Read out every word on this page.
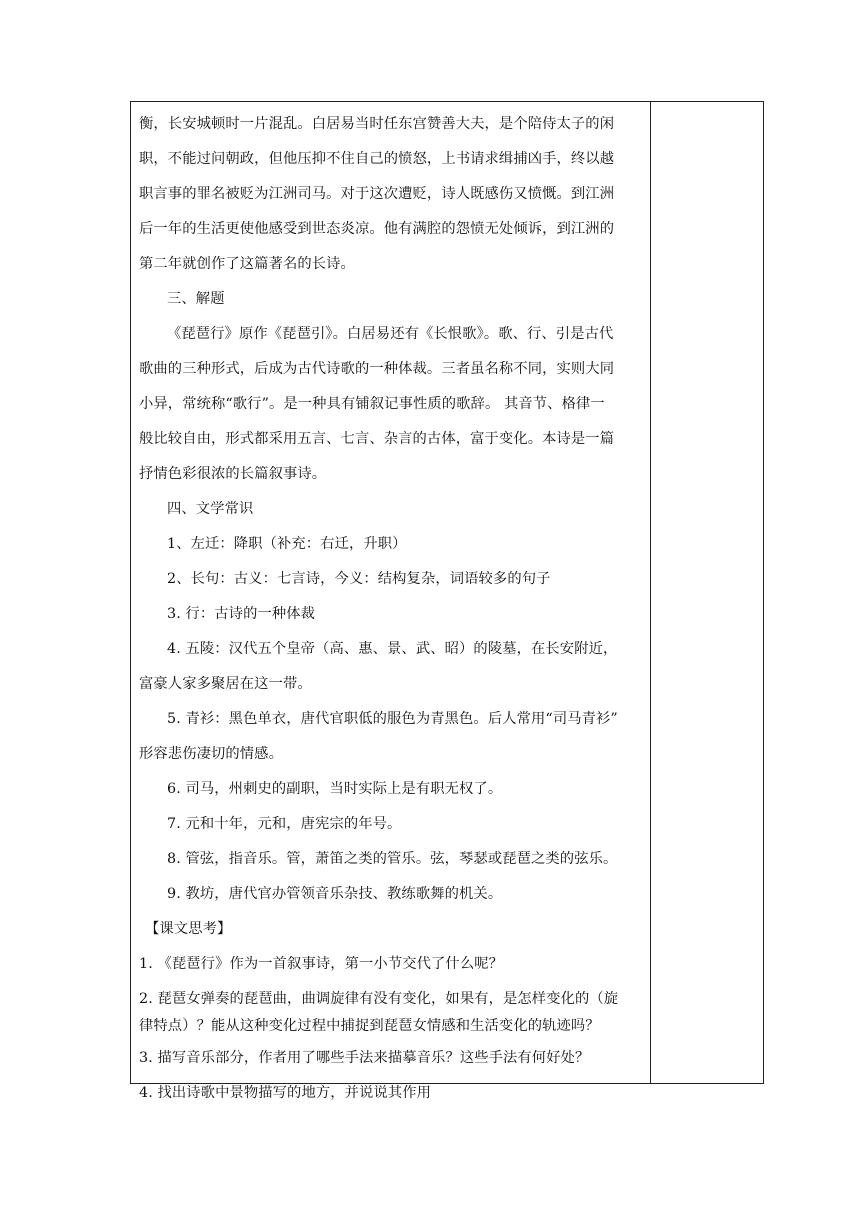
衡，长安城顿时一片混乱。白居易当时任东宫赞善大夫，是个陪侍太子的闲
职，不能过问朝政，但他压抑不住自己的愤怒，上书请求缉捕凶手，终以越
职言事的罪名被贬为江洲司马。对于这次遭贬，诗人既感伤又愤慨。到江洲
后一年的生活更使他感受到世态炎凉。他有满腔的怨愤无处倾诉，到江洲的
第二年就创作了这篇著名的长诗。
三、解题
《琵琶行》原作《琵琶引》。白居易还有《长恨歌》。歌、行、引是古代
歌曲的三种形式，后成为古代诗歌的一种体裁。三者虽名称不同，实则大同
小异，常统称“歌行”。是一种具有铺叙记事性质的歌辞。 其音节、格律一
般比较自由，形式都采用五言、七言、杂言的古体，富于变化。本诗是一篇
抒情色彩很浓的长篇叙事诗。
四、文学常识
1、左迁：降职（补充：右迁，升职）
2、长句：古义：七言诗，今义：结构复杂，词语较多的句子
3. 行：古诗的一种体裁
4. 五陵：汉代五个皇帝（高、惠、景、武、昭）的陵墓，在长安附近，
富豪人家多聚居在这一带。
5. 青衫：黑色单衣，唐代官职低的服色为青黑色。后人常用“司马青衫”
形容悲伤凄切的情感。
6. 司马，州刺史的副职，当时实际上是有职无权了。
7. 元和十年，元和，唐宪宗的年号。
8. 管弦，指音乐。管，萧笛之类的管乐。弦，琴瑟或琵琶之类的弦乐。
9. 教坊，唐代官办管领音乐杂技、教练歌舞的机关。
【课文思考】
1. 《琵琶行》作为一首叙事诗，第一小节交代了什么呢？
2. 琵琶女弹奏的琵琶曲，曲调旋律有没有变化，如果有，是怎样变化的（旋
律特点）？能从这种变化过程中捕捉到琵琶女情感和生活变化的轨迹吗？
3. 描写音乐部分，作者用了哪些手法来描摹音乐？这些手法有何好处？
4. 找出诗歌中景物描写的地方，并说说其作用
